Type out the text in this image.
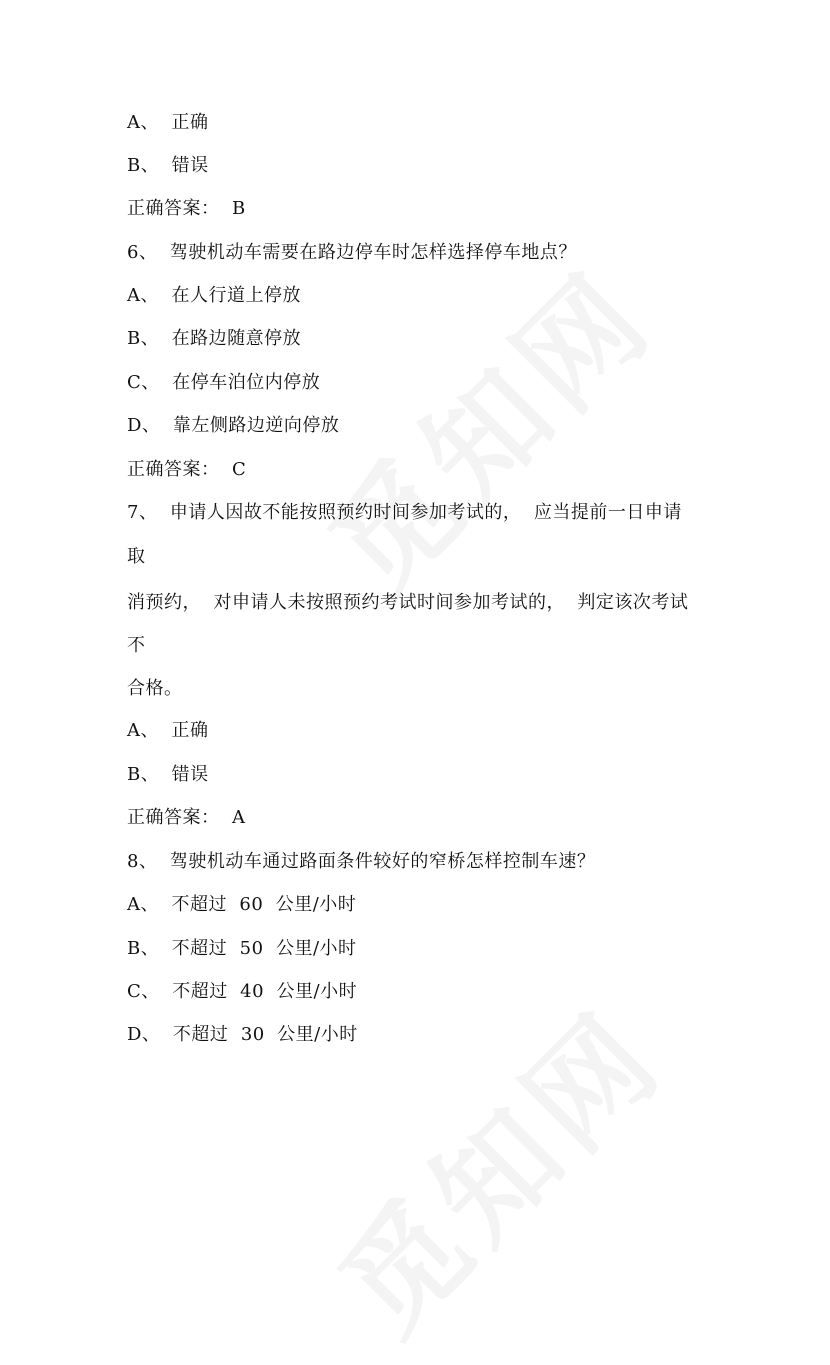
A、  正确

B、  错误

正确答案：  B

6、  驾驶机动车需要在路边停车时怎样选择停车地点？

A、  在人行道上停放

B、  在路边随意停放

C、  在停车泊位内停放

D、  靠左侧路边逆向停放

正确答案：  C

7、  申请人因故不能按照预约时间参加考试的，  应当提前一日申请

取

消预约，  对申请人未按照预约考试时间参加考试的，  判定该次考试

不

合格。

A、  正确

B、  错误

正确答案：  A

8、  驾驶机动车通过路面条件较好的窄桥怎样控制车速？

A、  不超过  60  公里/小时

B、  不超过  50  公里/小时

C、  不超过  40  公里/小时

D、  不超过  30  公里/小时
